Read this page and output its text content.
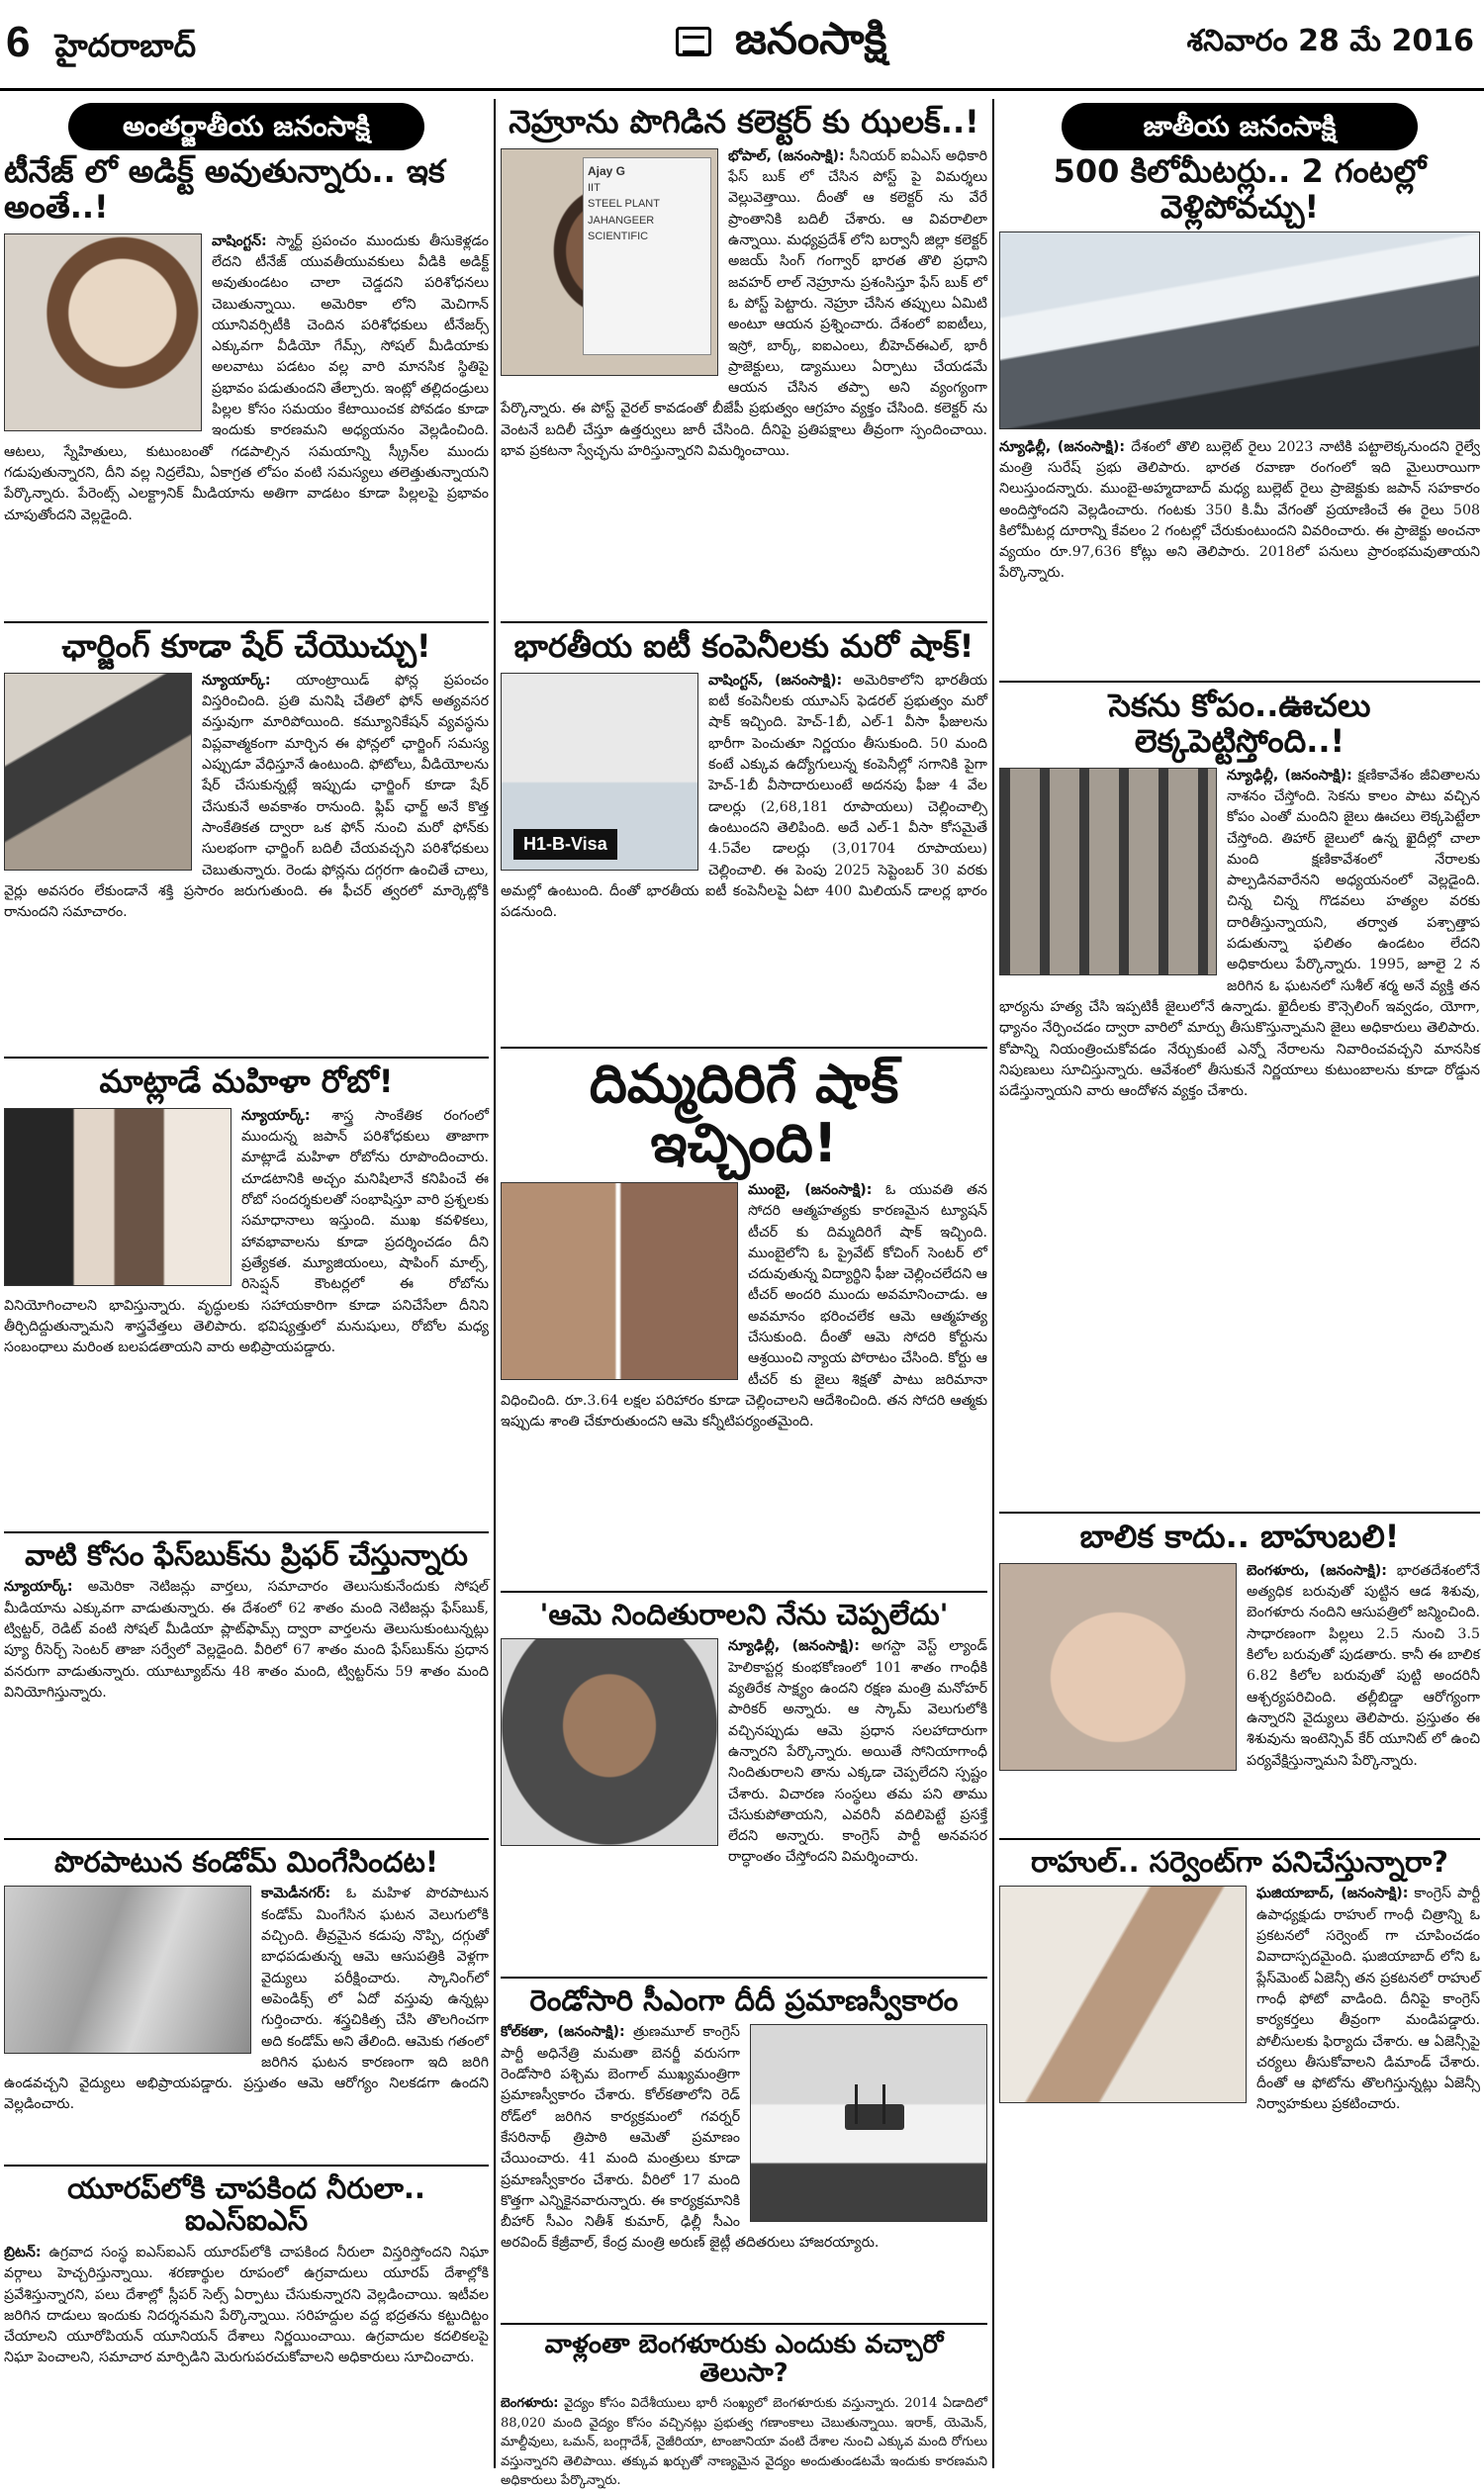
6 హైదరాబాద్	జనంసాక్షి	శనివారం 28 మే 2016
అంతర్జాతీయ జనంసాక్షి
టీనేజ్ లో అడిక్ట్ అవుతున్నారు.. ఇక అంతే..!
వాషింగ్టన్: స్మార్ట్ ప్రపంచం ముందుకు తీసుకెళ్లడం లేదని టీనేజ్ యువతీయువకులు వీడికి అడిక్ట్ అవుతుండటం చాలా చెడ్డదని పరిశోధనలు చెబుతున్నాయి. అమెరికా లోని మెచిగాన్ యూనివర్సిటీకి చెందిన పరిశోధకులు టీనేజర్స్ ఎక్కువగా వీడియో గేమ్స్, సోషల్ మీడియాకు అలవాటు పడటం వల్ల వారి మానసిక స్థితిపై ప్రభావం పడుతుందని తేల్చారు. ఇంట్లో తల్లిదండ్రులు పిల్లల కోసం సమయం కేటాయించక పోవడం కూడా ఇందుకు కారణమని అధ్యయనం వెల్లడించింది. ఆటలు, స్నేహితులు, కుటుంబంతో గడపాల్సిన సమయాన్ని స్క్రీన్‌ల ముందు గడుపుతున్నారని, దీని వల్ల నిద్రలేమి, ఏకాగ్రత లోపం వంటి సమస్యలు తలెత్తుతున్నాయని పేర్కొన్నారు. పేరెంట్స్ ఎలక్ట్రానిక్ మీడియాను అతిగా వాడటం కూడా పిల్లలపై ప్రభావం చూపుతోందని వెల్లడైంది.
ఛార్జింగ్ కూడా షేర్ చేయొచ్చు!
న్యూయార్క్: యాంట్రాయిడ్ ఫోన్ల ప్రపంచం విస్తరించింది. ప్రతి మనిషి చేతిలో ఫోన్ అత్యవసర వస్తువుగా మారిపోయింది. కమ్యూనికేషన్ వ్యవస్థను విప్లవాత్మకంగా మార్చిన ఈ ఫోన్లలో ఛార్జింగ్ సమస్య ఎప్పుడూ వేధిస్తూనే ఉంటుంది. ఫోటోలు, వీడియోలను షేర్ చేసుకున్నట్లే ఇప్పుడు ఛార్జింగ్ కూడా షేర్ చేసుకునే అవకాశం రానుంది. ఫ్లిప్ ఛార్జ్ అనే కొత్త సాంకేతికత ద్వారా ఒక ఫోన్ నుంచి మరో ఫోన్‌కు సులభంగా ఛార్జింగ్ బదిలీ చేయవచ్చని పరిశోధకులు చెబుతున్నారు. రెండు ఫోన్లను దగ్గరగా ఉంచితే చాలు, వైర్లు అవసరం లేకుండానే శక్తి ప్రసారం జరుగుతుంది. ఈ ఫీచర్ త్వరలో మార్కెట్లోకి రానుందని సమాచారం.
మాట్లాడే మహిళా రోబో!
న్యూయార్క్: శాస్త్ర సాంకేతిక రంగంలో ముందున్న జపాన్ పరిశోధకులు తాజాగా మాట్లాడే మహిళా రోబోను రూపొందించారు. చూడటానికి అచ్చం మనిషిలానే కనిపించే ఈ రోబో సందర్శకులతో సంభాషిస్తూ వారి ప్రశ్నలకు సమాధానాలు ఇస్తుంది. ముఖ కవళికలు, హావభావాలను కూడా ప్రదర్శించడం దీని ప్రత్యేకత. మ్యూజియంలు, షాపింగ్ మాల్స్, రిసెప్షన్ కౌంటర్లలో ఈ రోబోను వినియోగించాలని భావిస్తున్నారు. వృద్ధులకు సహాయకారిగా కూడా పనిచేసేలా దీనిని తీర్చిదిద్దుతున్నామని శాస్త్రవేత్తలు తెలిపారు. భవిష్యత్తులో మనుషులు, రోబోల మధ్య సంబంధాలు మరింత బలపడతాయని వారు అభిప్రాయపడ్డారు.
వాటి కోసం ఫేస్‌బుక్‌ను ప్రిఫర్ చేస్తున్నారు
న్యూయార్క్: అమెరికా నెటిజన్లు వార్తలు, సమాచారం తెలుసుకునేందుకు సోషల్ మీడియాను ఎక్కువగా వాడుతున్నారు. ఈ దేశంలో 62 శాతం మంది నెటిజన్లు ఫేస్‌బుక్, ట్విట్టర్, రెడిట్ వంటి సోషల్ మీడియా ప్లాట్‌ఫామ్స్ ద్వారా వార్తలను తెలుసుకుంటున్నట్లు ప్యూ రీసెర్చ్ సెంటర్ తాజా సర్వేలో వెల్లడైంది. వీరిలో 67 శాతం మంది ఫేస్‌బుక్‌ను ప్రధాన వనరుగా వాడుతున్నారు. యూట్యూబ్‌ను 48 శాతం మంది, ట్విట్టర్‌ను 59 శాతం మంది వినియోగిస్తున్నారు.
పొరపాటున కండోమ్ మింగేసిందట!
కామెడీనగర్: ఓ మహిళ పొరపాటున కండోమ్ మింగేసిన ఘటన వెలుగులోకి వచ్చింది. తీవ్రమైన కడుపు నొప్పి, దగ్గుతో బాధపడుతున్న ఆమె ఆసుపత్రికి వెళ్లగా వైద్యులు పరీక్షించారు. స్కానింగ్‌లో అపెండిక్స్ లో ఏదో వస్తువు ఉన్నట్లు గుర్తించారు. శస్త్రచికిత్స చేసి తొలగించగా అది కండోమ్ అని తేలింది. ఆమెకు గతంలో జరిగిన ఘటన కారణంగా ఇది జరిగి ఉండవచ్చని వైద్యులు అభిప్రాయపడ్డారు. ప్రస్తుతం ఆమె ఆరోగ్యం నిలకడగా ఉందని వెల్లడించారు.
యూరప్‌లోకి చాపకింద నీరులా.. ఐఎస్‌ఐఎస్
బ్రిటన్: ఉగ్రవాద సంస్థ ఐఎస్‌ఐఎస్ యూరప్‌లోకి చాపకింద నీరులా విస్తరిస్తోందని నిఘా వర్గాలు హెచ్చరిస్తున్నాయి. శరణార్థుల రూపంలో ఉగ్రవాదులు యూరప్ దేశాల్లోకి ప్రవేశిస్తున్నారని, పలు దేశాల్లో స్లీపర్ సెల్స్ ఏర్పాటు చేసుకున్నారని వెల్లడించాయి. ఇటీవల జరిగిన దాడులు ఇందుకు నిదర్శనమని పేర్కొన్నాయి. సరిహద్దుల వద్ద భద్రతను కట్టుదిట్టం చేయాలని యూరోపియన్ యూనియన్ దేశాలు నిర్ణయించాయి. ఉగ్రవాదుల కదలికలపై నిఘా పెంచాలని, సమాచార మార్పిడిని మెరుగుపరచుకోవాలని అధికారులు సూచించారు.
నెహ్రూను పొగిడిన కలెక్టర్ కు ఝలక్..!
Ajay G
IIT
STEEL PLANT
JAHANGEER
SCIENTIFIC
భోపాల్, (జనంసాక్షి): సీనియర్ ఐఏఎస్ అధికారి ఫేస్ బుక్ లో చేసిన పోస్ట్ పై విమర్శలు వెల్లువెత్తాయి. దీంతో ఆ కలెక్టర్ ను వేరే ప్రాంతానికి బదిలీ చేశారు. ఆ వివరాలిలా ఉన్నాయి. మధ్యప్రదేశ్ లోని బర్వానీ జిల్లా కలెక్టర్ అజయ్ సింగ్ గంగ్వార్ భారత తొలి ప్రధాని జవహర్ లాల్ నెహ్రూను ప్రశంసిస్తూ ఫేస్ బుక్ లో ఓ పోస్ట్ పెట్టారు. నెహ్రూ చేసిన తప్పులు ఏమిటి అంటూ ఆయన ప్రశ్నించారు. దేశంలో ఐఐటీలు, ఇస్రో, బార్క్, ఐఐఎంలు, బీహెచ్ఈఎల్, భారీ ప్రాజెక్టులు, డ్యాములు ఏర్పాటు చేయడమే ఆయన చేసిన తప్పా అని వ్యంగ్యంగా పేర్కొన్నారు. ఈ పోస్ట్ వైరల్ కావడంతో బీజేపీ ప్రభుత్వం ఆగ్రహం వ్యక్తం చేసింది. కలెక్టర్ ను వెంటనే బదిలీ చేస్తూ ఉత్తర్వులు జారీ చేసింది. దీనిపై ప్రతిపక్షాలు తీవ్రంగా స్పందించాయి. భావ ప్రకటనా స్వేచ్ఛను హరిస్తున్నారని విమర్శించాయి.
భారతీయ ఐటీ కంపెనీలకు మరో షాక్!
H1-B-Visa
వాషింగ్టన్, (జనంసాక్షి): అమెరికాలోని భారతీయ ఐటీ కంపెనీలకు యూఎస్ ఫెడరల్ ప్రభుత్వం మరో షాక్ ఇచ్చింది. హెచ్-1బీ, ఎల్-1 వీసా ఫీజులను భారీగా పెంచుతూ నిర్ణయం తీసుకుంది. 50 మంది కంటే ఎక్కువ ఉద్యోగులున్న కంపెనీల్లో సగానికి పైగా హెచ్-1బీ వీసాదారులుంటే అదనపు ఫీజు 4 వేల డాలర్లు (2,68,181 రూపాయలు) చెల్లించాల్సి ఉంటుందని తెలిపింది. అదే ఎల్-1 వీసా కోసమైతే 4.5వేల డాలర్లు (3,01704 రూపాయలు) చెల్లించాలి. ఈ పెంపు 2025 సెప్టెంబర్ 30 వరకు అమల్లో ఉంటుంది. దీంతో భారతీయ ఐటీ కంపెనీలపై ఏటా 400 మిలియన్ డాలర్ల భారం పడనుంది.
దిమ్మదిరిగే షాక్ ఇచ్చింది!
ముంబై, (జనంసాక్షి): ఓ యువతి తన సోదరి ఆత్మహత్యకు కారణమైన ట్యూషన్ టీచర్ కు దిమ్మదిరిగే షాక్ ఇచ్చింది. ముంబైలోని ఓ ప్రైవేట్ కోచింగ్ సెంటర్ లో చదువుతున్న విద్యార్థిని ఫీజు చెల్లించలేదని ఆ టీచర్ అందరి ముందు అవమానించాడు. ఆ అవమానం భరించలేక ఆమె ఆత్మహత్య చేసుకుంది. దీంతో ఆమె సోదరి కోర్టును ఆశ్రయించి న్యాయ పోరాటం చేసింది. కోర్టు ఆ టీచర్ కు జైలు శిక్షతో పాటు జరిమానా విధించింది. రూ.3.64 లక్షల పరిహారం కూడా చెల్లించాలని ఆదేశించింది. తన సోదరి ఆత్మకు ఇప్పుడు శాంతి చేకూరుతుందని ఆమె కన్నీటిపర్యంతమైంది.
'ఆమె నిందితురాలని నేను చెప్పలేదు'
న్యూఢిల్లీ, (జనంసాక్షి): అగస్టా వెస్ట్ ల్యాండ్ హెలికాప్టర్ల కుంభకోణంలో 101 శాతం గాంధీకి వ్యతిరేక సాక్ష్యం ఉందని రక్షణ మంత్రి మనోహర్ పారికర్ అన్నారు. ఆ స్కామ్ వెలుగులోకి వచ్చినప్పుడు ఆమె ప్రధాన సలహాదారుగా ఉన్నారని పేర్కొన్నారు. అయితే సోనియాగాంధీ నిందితురాలని తాను ఎక్కడా చెప్పలేదని స్పష్టం చేశారు. విచారణ సంస్థలు తమ పని తాము చేసుకుపోతాయని, ఎవరినీ వదిలిపెట్టే ప్రసక్తే లేదని అన్నారు. కాంగ్రెస్ పార్టీ అనవసర రాద్ధాంతం చేస్తోందని విమర్శించారు.
రెండోసారి సీఎంగా దీదీ ప్రమాణస్వీకారం
కోల్‌కతా, (జనంసాక్షి): త్రుణమూల్ కాంగ్రెస్ పార్టీ అధినేత్రి మమతా బెనర్జీ వరుసగా రెండోసారి పశ్చిమ బెంగాల్ ముఖ్యమంత్రిగా ప్రమాణస్వీకారం చేశారు. కోల్‌కతాలోని రెడ్ రోడ్‌లో జరిగిన కార్యక్రమంలో గవర్నర్ కేసరినాథ్ త్రిపాఠి ఆమెతో ప్రమాణం చేయించారు. 41 మంది మంత్రులు కూడా ప్రమాణస్వీకారం చేశారు. వీరిలో 17 మంది కొత్తగా ఎన్నికైనవారున్నారు. ఈ కార్యక్రమానికి బీహార్ సీఎం నితీశ్ కుమార్, ఢిల్లీ సీఎం అరవింద్ కేజ్రీవాల్, కేంద్ర మంత్రి అరుణ్ జైట్లీ తదితరులు హాజరయ్యారు.
వాళ్లంతా బెంగళూరుకు ఎందుకు వచ్చారో తెలుసా?
బెంగళూరు: వైద్యం కోసం విదేశీయులు భారీ సంఖ్యలో బెంగళూరుకు వస్తున్నారు. 2014 ఏడాదిలో 88,020 మంది వైద్యం కోసం వచ్చినట్లు ప్రభుత్వ గణాంకాలు చెబుతున్నాయి. ఇరాక్, యెమెన్, మాల్దీవులు, ఒమన్, బంగ్లాదేశ్, నైజీరియా, టాంజానియా వంటి దేశాల నుంచి ఎక్కువ మంది రోగులు వస్తున్నారని తెలిపాయి. తక్కువ ఖర్చుతో నాణ్యమైన వైద్యం అందుతుండటమే ఇందుకు కారణమని అధికారులు పేర్కొన్నారు.
జాతీయ జనంసాక్షి
500 కిలోమీటర్లు.. 2 గంటల్లో వెళ్లిపోవచ్చు!
న్యూఢిల్లీ, (జనంసాక్షి): దేశంలో తొలి బుల్లెట్ రైలు 2023 నాటికి పట్టాలెక్కనుందని రైల్వే మంత్రి సురేష్ ప్రభు తెలిపారు. భారత రవాణా రంగంలో ఇది మైలురాయిగా నిలుస్తుందన్నారు. ముంబై-అహ్మదాబాద్ మధ్య బుల్లెట్ రైలు ప్రాజెక్టుకు జపాన్ సహకారం అందిస్తోందని వెల్లడించారు. గంటకు 350 కి.మీ వేగంతో ప్రయాణించే ఈ రైలు 508 కిలోమీటర్ల దూరాన్ని కేవలం 2 గంటల్లో చేరుకుంటుందని వివరించారు. ఈ ప్రాజెక్టు అంచనా వ్యయం రూ.97,636 కోట్లు అని తెలిపారు. 2018లో పనులు ప్రారంభమవుతాయని పేర్కొన్నారు.
సెకను కోపం..ఊచలు లెక్కపెట్టిస్తోంది..!
న్యూఢిల్లీ, (జనంసాక్షి): క్షణికావేశం జీవితాలను నాశనం చేస్తోంది. సెకను కాలం పాటు వచ్చిన కోపం ఎంతో మందిని జైలు ఊచలు లెక్కపెట్టేలా చేస్తోంది. తిహార్ జైలులో ఉన్న ఖైదీల్లో చాలా మంది క్షణికావేశంలో నేరాలకు పాల్పడినవారేనని అధ్యయనంలో వెల్లడైంది. చిన్న చిన్న గొడవలు హత్యల వరకు దారితీస్తున్నాయని, తర్వాత పశ్చాత్తాప పడుతున్నా ఫలితం ఉండటం లేదని అధికారులు పేర్కొన్నారు. 1995, జూలై 2 న జరిగిన ఓ ఘటనలో సుశీల్ శర్మ అనే వ్యక్తి తన భార్యను హత్య చేసి ఇప్పటికీ జైలులోనే ఉన్నాడు. ఖైదీలకు కౌన్సెలింగ్ ఇవ్వడం, యోగా, ధ్యానం నేర్పించడం ద్వారా వారిలో మార్పు తీసుకొస్తున్నామని జైలు అధికారులు తెలిపారు. కోపాన్ని నియంత్రించుకోవడం నేర్చుకుంటే ఎన్నో నేరాలను నివారించవచ్చని మానసిక నిపుణులు సూచిస్తున్నారు. ఆవేశంలో తీసుకునే నిర్ణయాలు కుటుంబాలను కూడా రోడ్డున పడేస్తున్నాయని వారు ఆందోళన వ్యక్తం చేశారు.
బాలిక కాదు.. బాహుబలి!
బెంగళూరు, (జనంసాక్షి): భారతదేశంలోనే అత్యధిక బరువుతో పుట్టిన ఆడ శిశువు, బెంగళూరు నందిని ఆసుపత్రిలో జన్మించింది. సాధారణంగా పిల్లలు 2.5 నుంచి 3.5 కిలోల బరువుతో పుడతారు. కానీ ఈ బాలిక 6.82 కిలోల బరువుతో పుట్టి అందరినీ ఆశ్చర్యపరిచింది. తల్లీబిడ్డా ఆరోగ్యంగా ఉన్నారని వైద్యులు తెలిపారు. ప్రస్తుతం ఈ శిశువును ఇంటెన్సివ్ కేర్ యూనిట్ లో ఉంచి పర్యవేక్షిస్తున్నామని పేర్కొన్నారు.
రాహుల్.. సర్వెంట్‌గా పనిచేస్తున్నారా?
ఘజియాబాద్, (జనంసాక్షి): కాంగ్రెస్ పార్టీ ఉపాధ్యక్షుడు రాహుల్ గాంధీ చిత్రాన్ని ఓ ప్రకటనలో సర్వెంట్ గా చూపించడం వివాదాస్పదమైంది. ఘజియాబాద్ లోని ఓ ప్లేస్‌మెంట్ ఏజెన్సీ తన ప్రకటనలో రాహుల్ గాంధీ ఫోటో వాడింది. దీనిపై కాంగ్రెస్ కార్యకర్తలు తీవ్రంగా మండిపడ్డారు. పోలీసులకు ఫిర్యాదు చేశారు. ఆ ఏజెన్సీపై చర్యలు తీసుకోవాలని డిమాండ్ చేశారు. దీంతో ఆ ఫోటోను తొలగిస్తున్నట్లు ఏజెన్సీ నిర్వాహకులు ప్రకటించారు.
